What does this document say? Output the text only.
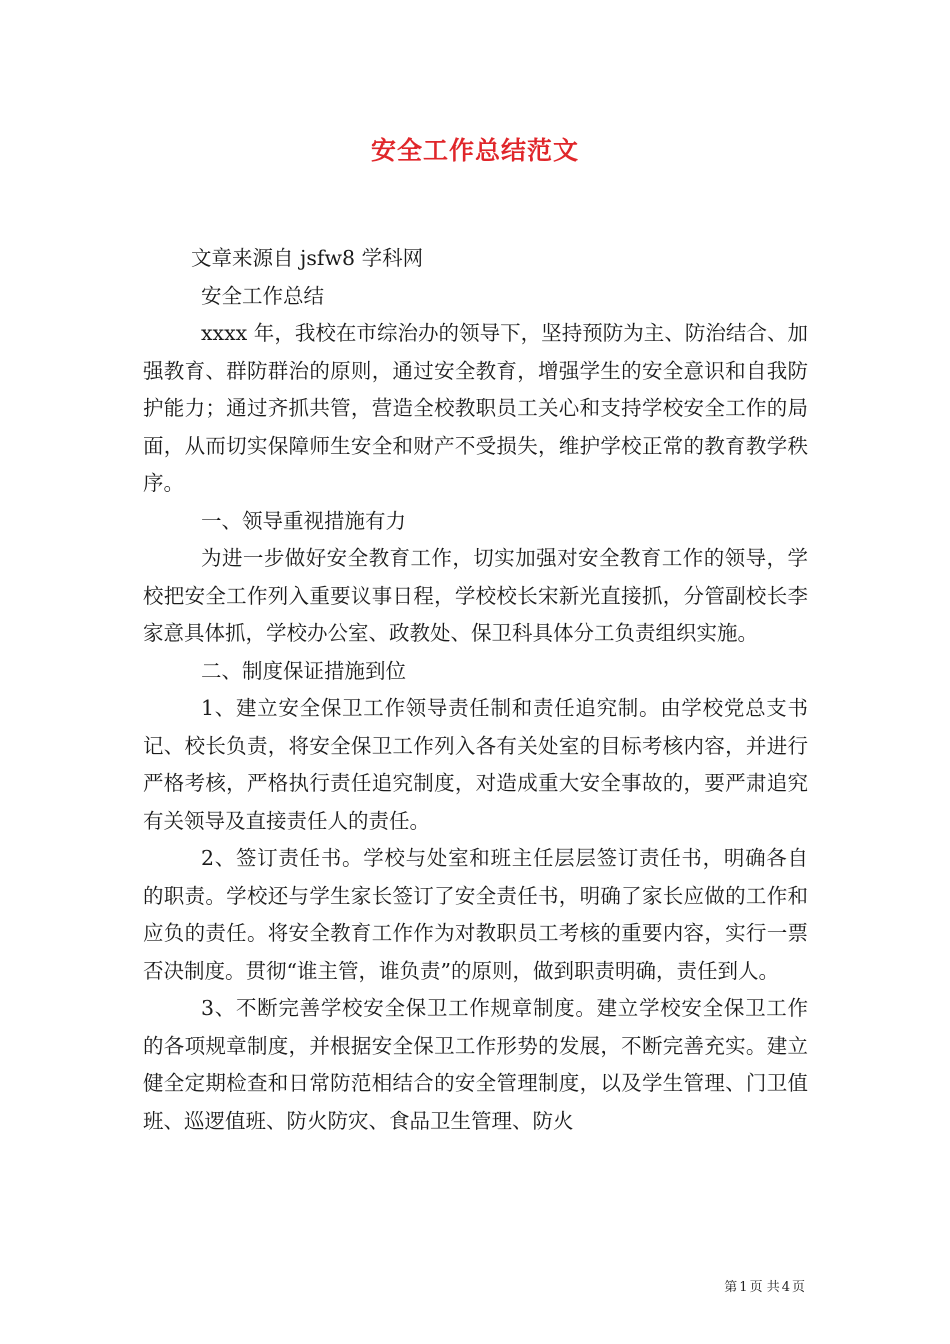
安全工作总结范文

文章来源自 jsfw8 学科网

安全工作总结

xxxx 年，我校在市综治办的领导下，坚持预防为主、防治结合、加强教育、群防群治的原则，通过安全教育，增强学生的安全意识和自我防护能力；通过齐抓共管，营造全校教职员工关心和支持学校安全工作的局面，从而切实保障师生安全和财产不受损失，维护学校正常的教育教学秩序。

一、领导重视措施有力

为进一步做好安全教育工作，切实加强对安全教育工作的领导，学校把安全工作列入重要议事日程，学校校长宋新光直接抓，分管副校长李家意具体抓，学校办公室、政教处、保卫科具体分工负责组织实施。

二、制度保证措施到位

1、建立安全保卫工作领导责任制和责任追究制。由学校党总支书记、校长负责，将安全保卫工作列入各有关处室的目标考核内容，并进行严格考核，严格执行责任追究制度，对造成重大安全事故的，要严肃追究有关领导及直接责任人的责任。

2、签订责任书。学校与处室和班主任层层签订责任书，明确各自的职责。学校还与学生家长签订了安全责任书，明确了家长应做的工作和应负的责任。将安全教育工作作为对教职员工考核的重要内容，实行一票否决制度。贯彻“谁主管，谁负责”的原则，做到职责明确，责任到人。

3、不断完善学校安全保卫工作规章制度。建立学校安全保卫工作的各项规章制度，并根据安全保卫工作形势的发展，不断完善充实。建立健全定期检查和日常防范相结合的安全管理制度，以及学生管理、门卫值班、巡逻值班、防火防灾、食品卫生管理、防火

第 1 页 共 4 页
